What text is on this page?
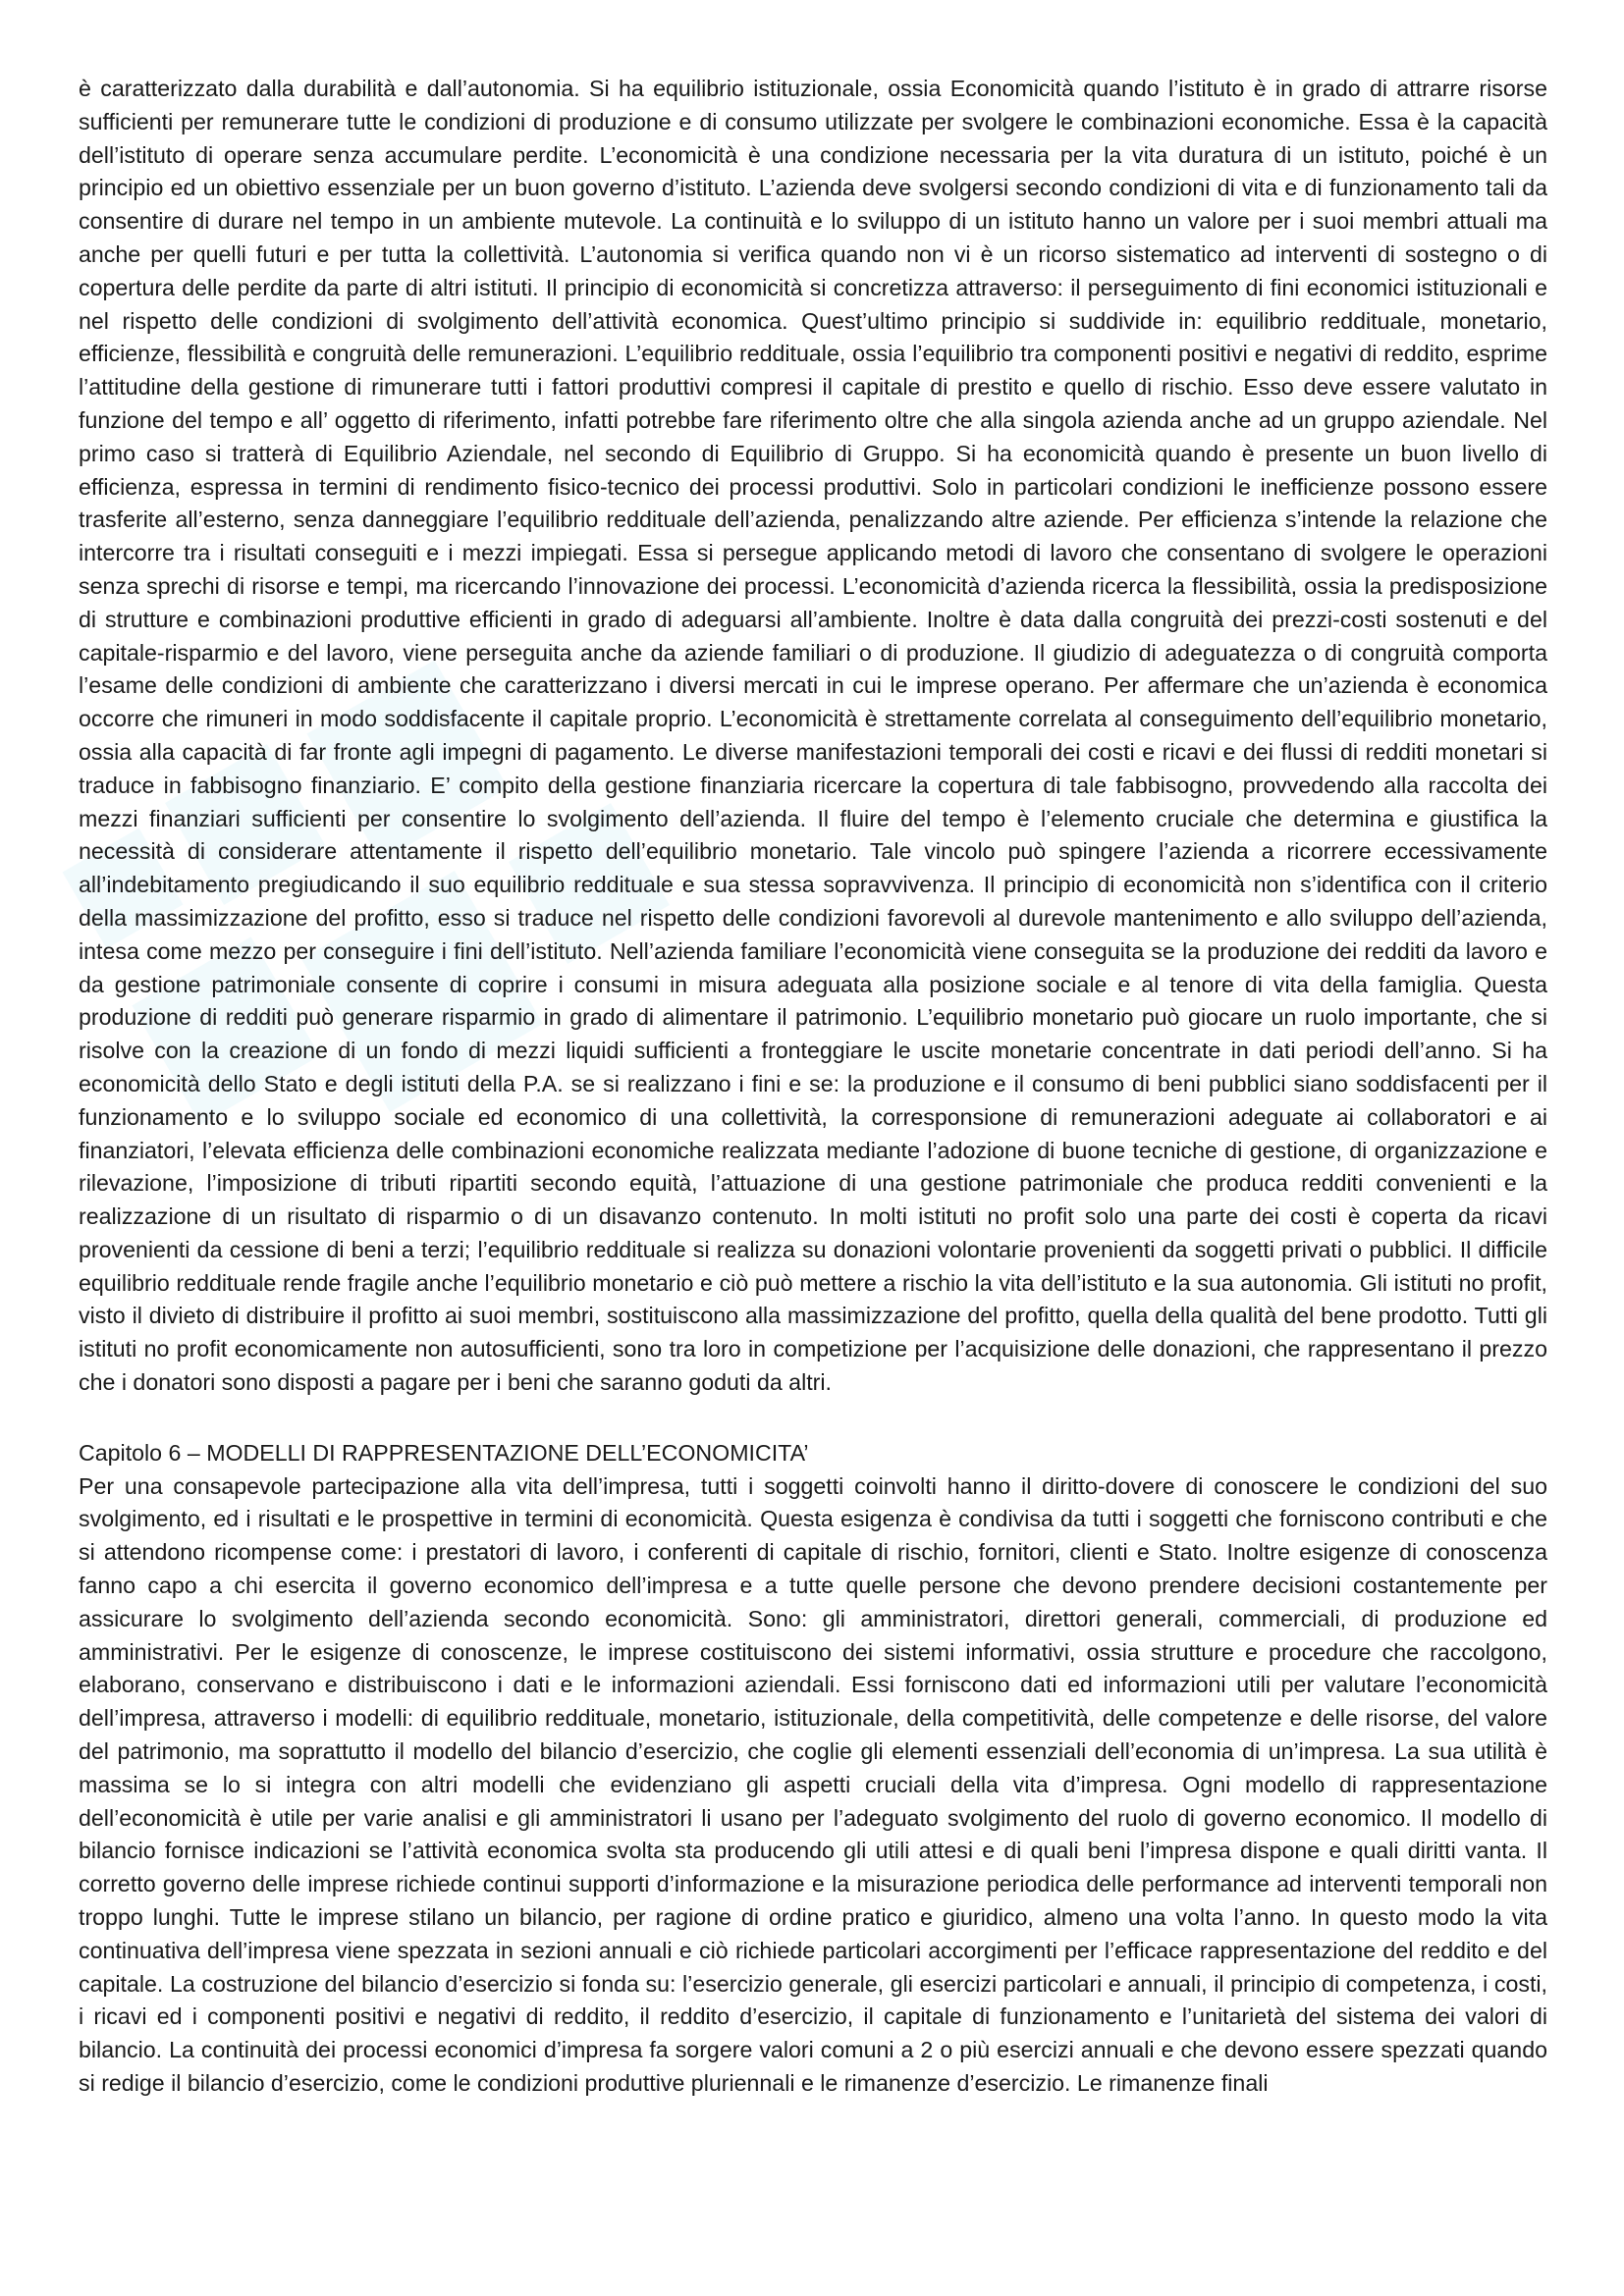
è caratterizzato dalla durabilità e dall’autonomia. Si ha equilibrio istituzionale, ossia Economicità quando l’istituto è in grado di attrarre risorse sufficienti per remunerare tutte le condizioni di produzione e di consumo utilizzate per svolgere le combinazioni economiche. Essa è la capacità dell’istituto di operare senza accumulare perdite. L’economicità è una condizione necessaria per la vita duratura di un istituto, poiché è un principio ed un obiettivo essenziale per un buon governo d’istituto. L’azienda deve svolgersi secondo condizioni di vita e di funzionamento tali da consentire di durare nel tempo in un ambiente mutevole. La continuità e lo sviluppo di un istituto hanno un valore per i suoi membri attuali ma anche per quelli futuri e per tutta la collettività. L’autonomia si verifica quando non vi è un ricorso sistematico ad interventi di sostegno o di copertura delle perdite da parte di altri istituti. Il principio di economicità si concretizza attraverso: il perseguimento di fini economici istituzionali e nel rispetto delle condizioni di svolgimento dell’attività economica. Quest’ultimo principio si suddivide in: equilibrio reddituale, monetario, efficienze, flessibilità e congruità delle remunerazioni. L’equilibrio reddituale, ossia l’equilibrio tra componenti positivi e negativi di reddito, esprime l’attitudine della gestione di rimunerare tutti i fattori produttivi compresi il capitale di prestito e quello di rischio. Esso deve essere valutato in funzione del tempo e all’ oggetto di riferimento, infatti potrebbe fare riferimento oltre che alla singola azienda anche ad un gruppo aziendale. Nel primo caso si tratterà di Equilibrio Aziendale, nel secondo di Equilibrio di Gruppo. Si ha economicità quando è presente un buon livello di efficienza, espressa in termini di rendimento fisico-tecnico dei processi produttivi. Solo in particolari condizioni le inefficienze possono essere trasferite all’esterno, senza danneggiare l’equilibrio reddituale dell’azienda, penalizzando altre aziende. Per efficienza s’intende la relazione che intercorre tra i risultati conseguiti e i mezzi impiegati. Essa si persegue applicando metodi di lavoro che consentano di svolgere le operazioni senza sprechi di risorse e tempi, ma ricercando l’innovazione dei processi. L’economicità d’azienda ricerca la flessibilità, ossia la predisposizione di strutture e combinazioni produttive efficienti in grado di adeguarsi all’ambiente. Inoltre è data dalla congruità dei prezzi-costi sostenuti e del capitale-risparmio e del lavoro, viene perseguita anche da aziende familiari o di produzione. Il giudizio di adeguatezza o di congruità comporta l’esame delle condizioni di ambiente che caratterizzano i diversi mercati in cui le imprese operano. Per affermare che un’azienda è economica occorre che rimuneri in modo soddisfacente il capitale proprio. L’economicità è strettamente correlata al conseguimento dell’equilibrio monetario, ossia alla capacità di far fronte agli impegni di pagamento. Le diverse manifestazioni temporali dei costi e ricavi e dei flussi di redditi monetari si traduce in fabbisogno finanziario. E’ compito della gestione finanziaria ricercare la copertura di tale fabbisogno, provvedendo alla raccolta dei mezzi finanziari sufficienti per consentire lo svolgimento dell’azienda. Il fluire del tempo è l’elemento cruciale che determina e giustifica la necessità di considerare attentamente il rispetto dell’equilibrio monetario. Tale vincolo può spingere l’azienda a ricorrere eccessivamente all’indebitamento pregiudicando il suo equilibrio reddituale e sua stessa sopravvivenza. Il principio di economicità non s’identifica con il criterio della massimizzazione del profitto, esso si traduce nel rispetto delle condizioni favorevoli al durevole mantenimento e allo sviluppo dell’azienda, intesa come mezzo per conseguire i fini dell’istituto. Nell’azienda familiare l’economicità viene conseguita se la produzione dei redditi da lavoro e da gestione patrimoniale consente di coprire i consumi in misura adeguata alla posizione sociale e al tenore di vita della famiglia. Questa produzione di redditi può generare risparmio in grado di alimentare il patrimonio. L’equilibrio monetario può giocare un ruolo importante, che si risolve con la creazione di un fondo di mezzi liquidi sufficienti a fronteggiare le uscite monetarie concentrate in dati periodi dell’anno. Si ha economicità dello Stato e degli istituti della P.A. se si realizzano i fini e se: la produzione e il consumo di beni pubblici siano soddisfacenti per il funzionamento e lo sviluppo sociale ed economico di una collettività, la corresponsione di remunerazioni adeguate ai collaboratori e ai finanziatori, l’elevata efficienza delle combinazioni economiche realizzata mediante l’adozione di buone tecniche di gestione, di organizzazione e rilevazione, l’imposizione di tributi ripartiti secondo equità, l’attuazione di una gestione patrimoniale che produca redditi convenienti e la realizzazione di un risultato di risparmio o di un disavanzo contenuto. In molti istituti no profit solo una parte dei costi è coperta da ricavi provenienti da cessione di beni a terzi; l’equilibrio reddituale si realizza su donazioni volontarie provenienti da soggetti privati o pubblici. Il difficile equilibrio reddituale rende fragile anche l’equilibrio monetario e ciò può mettere a rischio la vita dell’istituto e la sua autonomia. Gli istituti no profit, visto il divieto di distribuire il profitto ai suoi membri, sostituiscono alla massimizzazione del profitto, quella della qualità del bene prodotto. Tutti gli istituti no profit economicamente non autosufficienti, sono tra loro in competizione per l’acquisizione delle donazioni, che rappresentano il prezzo che i donatori sono disposti a pagare per i beni che saranno goduti da altri.

Capitolo 6 – MODELLI DI RAPPRESENTAZIONE DELL’ECONOMICITA’

Per una consapevole partecipazione alla vita dell’impresa, tutti i soggetti coinvolti hanno il diritto-dovere di conoscere le condizioni del suo svolgimento, ed i risultati e le prospettive in termini di economicità. Questa esigenza è condivisa da tutti i soggetti che forniscono contributi e che si attendono ricompense come: i prestatori di lavoro, i conferenti di capitale di rischio, fornitori, clienti e Stato. Inoltre esigenze di conoscenza fanno capo a chi esercita il governo economico dell’impresa e a tutte quelle persone che devono prendere decisioni costantemente per assicurare lo svolgimento dell’azienda secondo economicità. Sono: gli amministratori, direttori generali, commerciali, di produzione ed amministrativi. Per le esigenze di conoscenze, le imprese costituiscono dei sistemi informativi, ossia strutture e procedure che raccolgono, elaborano, conservano e distribuiscono i dati e le informazioni aziendali. Essi forniscono dati ed informazioni utili per valutare l’economicità dell’impresa, attraverso i modelli: di equilibrio reddituale, monetario, istituzionale, della competitività, delle competenze e delle risorse, del valore del patrimonio, ma soprattutto il modello del bilancio d’esercizio, che coglie gli elementi essenziali dell’economia di un’impresa. La sua utilità è massima se lo si integra con altri modelli che evidenziano gli aspetti cruciali della vita d’impresa. Ogni modello di rappresentazione dell’economicità è utile per varie analisi e gli amministratori li usano per l’adeguato svolgimento del ruolo di governo economico. Il modello di bilancio fornisce indicazioni se l’attività economica svolta sta producendo gli utili attesi e di quali beni l’impresa dispone e quali diritti vanta. Il corretto governo delle imprese richiede continui supporti d’informazione e la misurazione periodica delle performance ad interventi temporali non troppo lunghi. Tutte le imprese stilano un bilancio, per ragione di ordine pratico e giuridico, almeno una volta l’anno. In questo modo la vita continuativa dell’impresa viene spezzata in sezioni annuali e ciò richiede particolari accorgimenti per l’efficace rappresentazione del reddito e del capitale. La costruzione del bilancio d’esercizio si fonda su: l’esercizio generale, gli esercizi particolari e annuali, il principio di competenza, i costi, i ricavi ed i componenti positivi e negativi di reddito, il reddito d’esercizio, il capitale di funzionamento e l’unitarietà del sistema dei valori di bilancio. La continuità dei processi economici d’impresa fa sorgere valori comuni a 2 o più esercizi annuali e che devono essere spezzati quando si redige il bilancio d’esercizio, come le condizioni produttive pluriennali e le rimanenze d’esercizio. Le rimanenze finali
